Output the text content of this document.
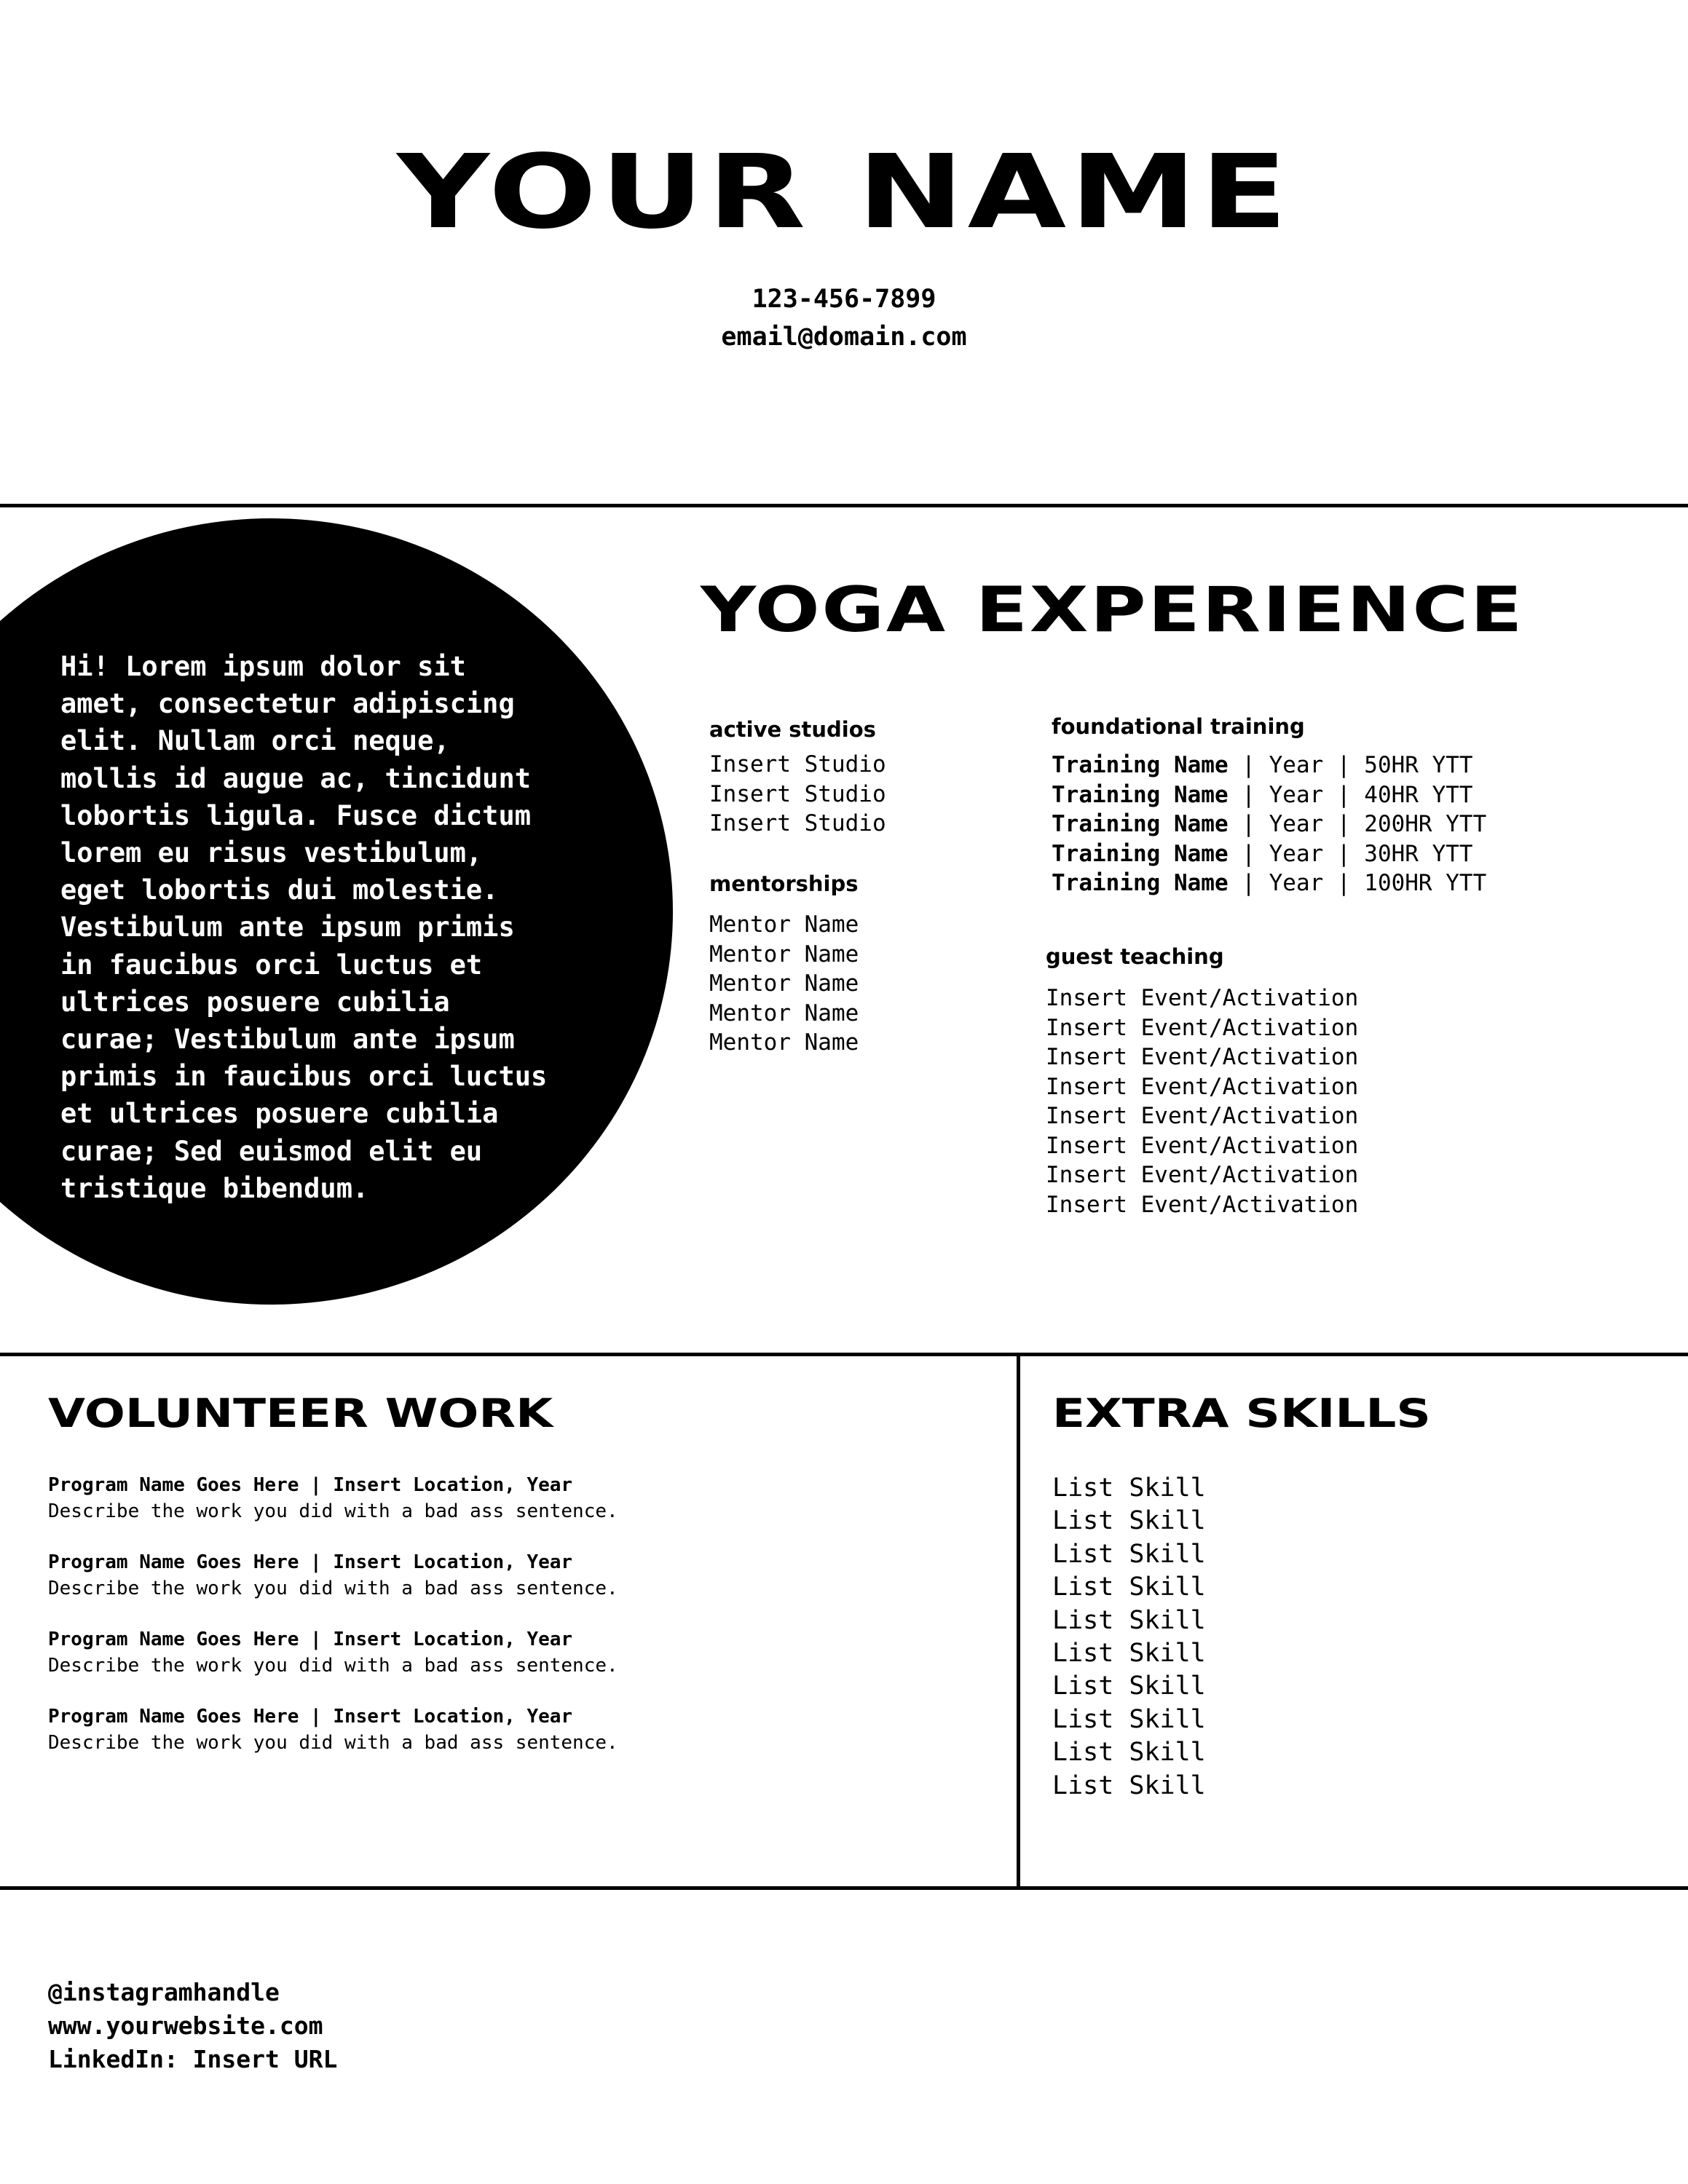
YOUR NAME
123-456-7899
email@domain.com
Hi! Lorem ipsum dolor sit
amet, consectetur adipiscing
elit. Nullam orci neque,
mollis id augue ac, tincidunt
lobortis ligula. Fusce dictum
lorem eu risus vestibulum,
eget lobortis dui molestie.
Vestibulum ante ipsum primis
in faucibus orci luctus et
ultrices posuere cubilia
curae; Vestibulum ante ipsum
primis in faucibus orci luctus
et ultrices posuere cubilia
curae; Sed euismod elit eu
tristique bibendum.
YOGA EXPERIENCE
active studios
Insert Studio
Insert Studio
Insert Studio
mentorships
Mentor Name
Mentor Name
Mentor Name
Mentor Name
Mentor Name
foundational training
Training Name | Year | 50HR YTT
Training Name | Year | 40HR YTT
Training Name | Year | 200HR YTT
Training Name | Year | 30HR YTT
Training Name | Year | 100HR YTT
guest teaching
Insert Event/Activation
Insert Event/Activation
Insert Event/Activation
Insert Event/Activation
Insert Event/Activation
Insert Event/Activation
Insert Event/Activation
Insert Event/Activation
VOLUNTEER WORK
Program Name Goes Here | Insert Location, Year
Describe the work you did with a bad ass sentence.
Program Name Goes Here | Insert Location, Year
Describe the work you did with a bad ass sentence.
Program Name Goes Here | Insert Location, Year
Describe the work you did with a bad ass sentence.
Program Name Goes Here | Insert Location, Year
Describe the work you did with a bad ass sentence.
EXTRA SKILLS
List Skill
List Skill
List Skill
List Skill
List Skill
List Skill
List Skill
List Skill
List Skill
List Skill
@instagramhandle
www.yourwebsite.com
LinkedIn: Insert URL
